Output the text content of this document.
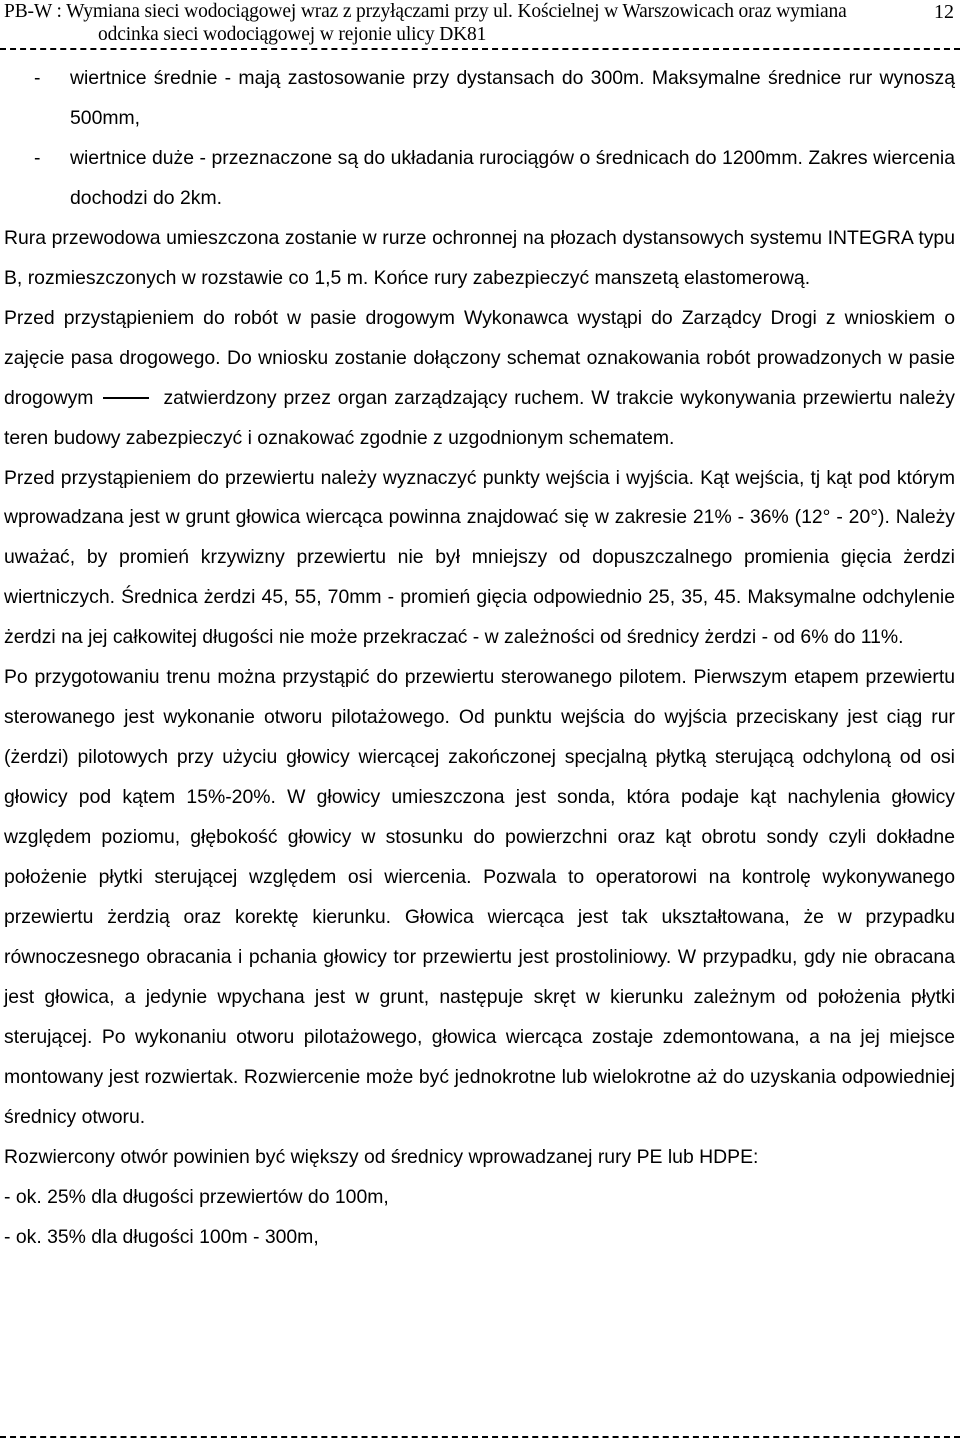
PB-W : Wymiana sieci wodociągowej wraz z przyłączami przy ul. Kościelnej w Warszowicach oraz wymiana
odcinka sieci wodociągowej w rejonie ulicy DK81
12
-	wiertnice średnie - mają zastosowanie przy dystansach do 300m. Maksymalne średnice rur wynoszą 500mm,
-	wiertnice duże - przeznaczone są do układania rurociągów o średnicach do 1200mm. Zakres wiercenia dochodzi do 2km.

Rura przewodowa umieszczona zostanie w rurze ochronnej na płozach dystansowych systemu INTEGRA typu B, rozmieszczonych w rozstawie co 1,5 m. Końce rury zabezpieczyć manszetą elastomerową.

Przed przystąpieniem do robót w pasie drogowym Wykonawca wystąpi do Zarządcy Drogi z wnioskiem o zajęcie pasa drogowego. Do wniosku zostanie dołączony schemat oznakowania robót prowadzonych w pasie drogowym	zatwierdzony przez organ zarządzający ruchem. W trakcie wykonywania przewiertu należy teren budowy zabezpieczyć i oznakować zgodnie z uzgodnionym schematem.

Przed przystąpieniem do przewiertu należy wyznaczyć punkty wejścia i wyjścia. Kąt wejścia, tj kąt pod którym wprowadzana jest w grunt głowica wiercąca powinna znajdować się w zakresie 21% - 36% (12° - 20°). Należy uważać, by promień krzywizny przewiertu nie był mniejszy od dopuszczalnego promienia gięcia żerdzi wiertniczych. Średnica żerdzi 45, 55, 70mm - promień gięcia odpowiednio 25, 35, 45. Maksymalne odchylenie żerdzi na jej całkowitej długości nie może przekraczać - w zależności od średnicy żerdzi - od 6% do 11%.

Po przygotowaniu trenu można przystąpić do przewiertu sterowanego pilotem. Pierwszym etapem przewiertu sterowanego jest wykonanie otworu pilotażowego. Od punktu wejścia do wyjścia przeciskany jest ciąg rur (żerdzi) pilotowych przy użyciu głowicy wiercącej zakończonej specjalną płytką sterującą odchyloną od osi głowicy pod kątem 15%-20%. W głowicy umieszczona jest sonda, która podaje kąt nachylenia głowicy względem poziomu, głębokość głowicy w stosunku do powierzchni oraz kąt obrotu sondy czyli dokładne położenie płytki sterującej względem osi wiercenia. Pozwala to operatorowi na kontrolę wykonywanego przewiertu żerdzią oraz korektę kierunku. Głowica wiercąca jest tak ukształtowana, że w przypadku równoczesnego obracania i pchania głowicy tor przewiertu jest prostoliniowy. W przypadku, gdy nie obracana jest głowica, a jedynie wpychana jest w grunt, następuje skręt w kierunku zależnym od położenia płytki sterującej. Po wykonaniu otworu pilotażowego, głowica wiercąca zostaje zdemontowana, a na jej miejsce montowany jest rozwiertak. Rozwiercenie może być jednokrotne lub wielokrotne aż do uzyskania odpowiedniej średnicy otworu.

Rozwiercony otwór powinien być większy od średnicy wprowadzanej rury PE lub HDPE:

- ok. 25% dla długości przewiertów do 100m,

- ok. 35% dla długości 100m - 300m,
